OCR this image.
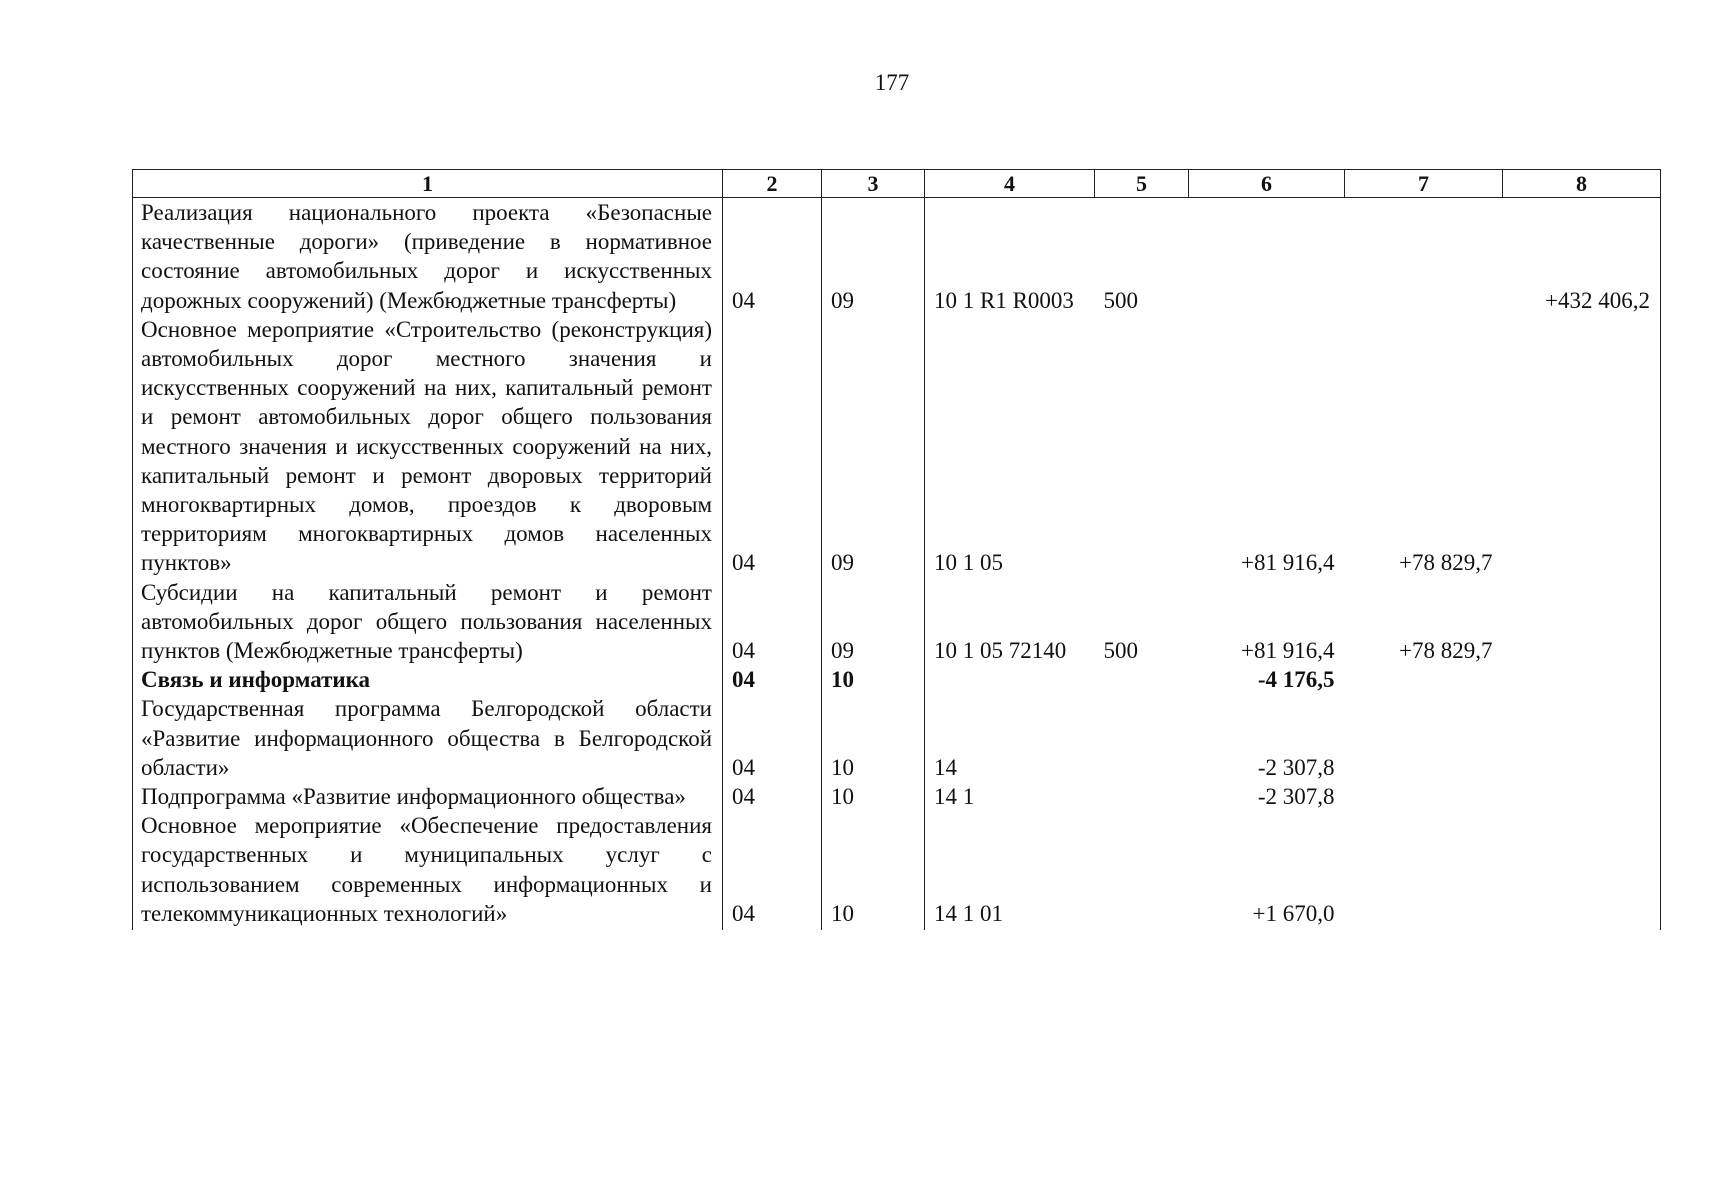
177
1	2	3	4	5	6	7	8
Реализация национального проекта «Безопасные качественные дороги» (приведение в нормативное состояние автомобильных дорог и искусственных дорожных сооружений) (Межбюджетные трансферты)	04	09	10 1 R1 R0003	500			+432 406,2
Основное мероприятие «Строительство (реконструкция) автомобильных дорог местного значения и искусственных сооружений на них, капитальный ремонт и ремонт автомобильных дорог общего пользования местного значения и искусственных сооружений на них, капитальный ремонт и ремонт дворовых территорий многоквартирных домов, проездов к дворовым территориям многоквартирных домов населенных пунктов»	04	09	10 1 05		+81 916,4	+78 829,7	
Субсидии на капитальный ремонт и ремонт автомобильных дорог общего пользования населенных пунктов (Межбюджетные трансферты)	04	09	10 1 05 72140	500	+81 916,4	+78 829,7	
Связь и информатика	04	10			-4 176,5		
Государственная программа Белгородской области «Развитие информационного общества в Белгородской области»	04	10	14		-2 307,8		
Подпрограмма «Развитие информационного общества»	04	10	14 1		-2 307,8		
Основное мероприятие «Обеспечение предоставления государственных и муниципальных услуг с использованием современных информационных и телекоммуникационных технологий»	04	10	14 1 01		+1 670,0		
